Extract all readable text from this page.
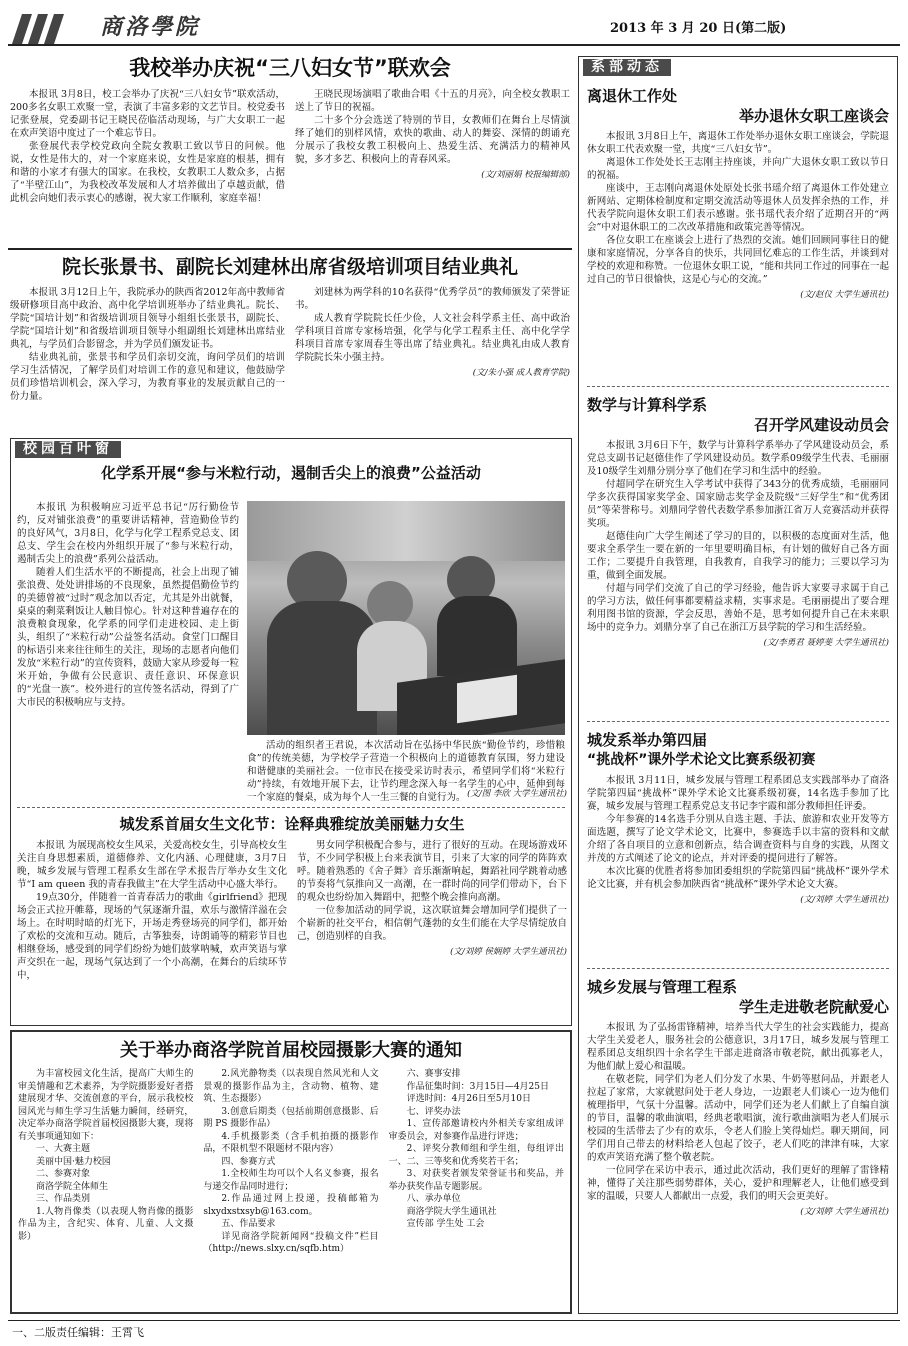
商洛學院	2013 年 3 月 20 日(第二版)
我校举办庆祝“三八妇女节”联欢会

本报讯 3月8日，校工会举办了庆祝“三八妇女节”联欢活动，200多名女职工欢聚一堂，表演了丰富多彩的文艺节目。校党委书记张登展，党委副书记王晓民莅临活动现场，与广大女职工一起在欢声笑语中度过了一个难忘节日。

张登展代表学校党政向全院女教职工致以节日的问候。他说，女性是伟大的，对一个家庭来说，女性是家庭的根基，拥有和谐的小家才有强大的国家。在我校，女教职工人数众多，占据了“半壁江山”，为我校改革发展和人才培养做出了卓越贡献，借此机会向她们表示衷心的感谢，祝大家工作顺利，家庭幸福！

王晓民现场演唱了歌曲合唱《十五的月亮》，向全校女教职工送上了节日的祝福。

二十多个分会选送了特别的节目，女教师们在舞台上尽情演绎了她们的别样风情，欢快的歌曲、动人的舞姿、深情的朗诵充分展示了我校女教工积极向上、热爱生活、充满活力的精神风貌，多才多艺、积极向上的青春风采。

(文/刘丽娟 校报编辑部)
院长张景书、副院长刘建林出席省级培训项目结业典礼

本报讯 3月12日上午，我院承办的陕西省2012年高中教师省级研修项目高中政治、高中化学培训班举办了结业典礼。院长、学院“国培计划”和省级培训项目领导小组组长张景书，副院长、学院“国培计划”和省级培训项目领导小组副组长刘建林出席结业典礼，与学员们合影留念，并为学员们颁发证书。

结业典礼前，张景书和学员们亲切交流，询问学员们的培训学习生活情况，了解学员们对培训工作的意见和建议，他鼓励学员们珍惜培训机会，深入学习，为教育事业的发展贡献自己的一份力量。

刘建林为两学科的10名获得“优秀学员”的教师颁发了荣誉证书。

成人教育学院院长任少俭，人文社会科学系主任、高中政治学科项目首席专家杨培强，化学与化学工程系主任、高中化学学科项目首席专家周春生等出席了结业典礼。结业典礼由成人教育学院院长朱小强主持。

(文/朱小强 成人教育学院)
校园百叶窗
化学系开展“参与米粒行动，遏制舌尖上的浪费”公益活动

本报讯 为积极响应习近平总书记“厉行勤俭节约，反对铺张浪费”的重要讲话精神，营造勤俭节约的良好风气，3月8日，化学与化学工程系党总支、团总支、学生会在校内外组织开展了“参与米粒行动，遏制舌尖上的浪费”系列公益活动。

随着人们生活水平的不断提高，社会上出现了铺张浪费、处处讲排场的不良现象，虽然提倡勤俭节约的美德曾被“过时”观念加以否定，尤其是外出就餐，桌桌的剩菜剩饭让人触目惊心。针对这种普遍存在的浪费粮食现象，化学系的同学们走进校园、走上街头，组织了“米粒行动”公益签名活动。食堂门口醒目的标语引来来往往师生的关注，现场的志愿者向他们发放“米粒行动”的宣传资料，鼓励大家从珍爱每一粒米开始，争做有公民意识、责任意识、环保意识的“光盘一族”。校外进行的宣传签名活动，得到了广大市民的积极响应与支持。

活动的组织者王君说，本次活动旨在弘扬中华民族“勤俭节约，珍惜粮食”的传统美德，为学校学子营造一个积极向上的道德教育氛围，努力建设和谐健康的美丽社会。一位市民在接受采访时表示，希望同学们将“米粒行动”持续，有效地开展下去，让节约理念深入每一名学生的心中，延伸到每一个家庭的餐桌，成为每个人一生三餐的自觉行为。 (文/图 李欣 大学生通讯社)
城发系首届女生文化节：诠释典雅绽放美丽魅力女生

本报讯 为展现高校女生风采，关爱高校女生，引导高校女生关注自身思想素质，道德修养、文化内涵、心理健康，3月7日晚，城乡发展与管理工程系女生部在学术报告厅举办女生文化节“I am queen 我的青春我做主”在大学生活动中心盛大举行。

19点30分，伴随着一首青春活力的歌曲《girlfriend》把现场会正式拉开帷幕，现场的气氛逐渐升温，欢乐与激情洋溢在会场上。在时明时暗的灯光下，开场走秀登场亮的同学们，都开始了欢松的交流和互动。随后，古筝独奏，诗朗诵等的精彩节目也相继登场，感受到的同学们纷纷为她们鼓掌呐喊，欢声笑语与掌声交织在一起，现场气氛达到了一个小高潮，在舞台的后续环节中，

男女同学积极配合参与，进行了很好的互动。在现场游戏环节，不少同学积极上台来表演节目，引来了大家的同学的阵阵欢呼。随着熟悉的《舍子舞》音乐渐渐响起，舞蹈社同学跳着动感的节奏将气氛推向又一高潮，在一群时尚的同学们带动下，台下的观众也纷纷加入舞蹈中，把整个晚会推向高潮。

一位参加活动的同学说，这次联谊舞会增加同学们提供了一个崭新的社交平台，相信朝气蓬勃的女生们能在大学尽情绽放自己，创造别样的自我。

(文/刘婷 侯娴婷 大学生通讯社)
关于举办商洛学院首届校园摄影大赛的通知

为丰富校园文化生活，提高广大师生的审美情趣和艺术素养，为学院摄影爱好者搭建展现才华、交流创意的平台，展示我校校园风光与师生学习生活魅力瞬间，经研究，决定举办商洛学院首届校园摄影大赛，现将有关事项通知如下：

一、大赛主题

美丽中国·魅力校园

二、参赛对象

商洛学院全体师生

三、作品类别

1.人物肖像类（以表现人物肖像的摄影作品为主，含纪实、体育、儿童、人文摄影）

2.风光静物类（以表现自然风光和人文景观的摄影作品为主，含动物、植物、建筑、生态摄影）

3.创意后期类（包括前期创意摄影、后期 PS 摄影作品）

4.手机摄影类（含手机拍摄的摄影作品，不限机型不限题材不限内容）

四、参赛方式

1.全校师生均可以个人名义参赛，报名与递交作品同时进行；

2.作品通过网上投递，投稿邮箱为 slxydxstxsyb@163.com。

五、作品要求

详见商洛学院新闻网“投稿文件”栏目（http://news.slxy.cn/sqfb.htm）

六、赛事安排

作品征集时间：3月15日—4月25日

评选时间：4月26日至5月10日

七、评奖办法

1、宣传部邀请校内外相关专家组成评审委员会，对参赛作品进行评选；

2、评奖分教师组和学生组，每组评出一、二、三等奖和优秀奖若干名；

3、对获奖者颁发荣誉证书和奖品，并举办获奖作品专题影展。

八、承办单位

商洛学院大学生通讯社

宣传部 学生处 工会

系部动态
离退休工作处
举办退休女职工座谈会

本报讯 3月8日上午，离退休工作处举办退休女职工座谈会，学院退休女职工代表欢聚一堂，共度“三八妇女节”。

离退休工作处处长王志刚主持座谈，并向广大退休女职工致以节日的祝福。

座谈中，王志刚向离退休处原处长张书瑶介绍了离退休工作处建立新网站、定期体检制度和定期交流活动等退休人员发挥余热的工作，并代表学院向退休女职工们表示感谢。张书瑶代表介绍了近期召开的“两会”中对退休职工的二次改革措施和政策完善等情况。

各位女职工在座谈会上进行了热烈的交流。她们回顾同事往日的健康和家庭情况，分享各自的快乐，共同回忆难忘的工作生活，并谈到对学校的欢迎和称赞。一位退休女职工说，“能和共同工作过的同事在一起过自己的节日很愉快，这是心与心的交流。”

(文/赵仪 大学生通讯社)
数学与计算科学系
召开学风建设动员会

本报讯 3月6日下午，数学与计算科学系举办了学风建设动员会，系党总支副书记赵德佳作了学风建设动员。数学系09级学生代表、毛丽丽及10级学生刘鼎分别分享了他们在学习和生活中的经验。

付超同学在研究生入学考试中获得了343分的优秀成绩，毛丽丽同学多次获得国家奖学金、国家励志奖学金及院级“三好学生”和“优秀团员”等荣誉称号。刘鼎同学曾代表数学系参加浙江省万人竞赛活动并获得奖项。

赵德佳向广大学生阐述了学习的目的，以积极的态度面对生活，他要求全系学生一要在新的一年里要明确目标，有计划的做好自己各方面工作；二要提升自我管理，自我教育，自我学习的能力；三要以学习为重，做到全面发展。

付超与同学们交流了自己的学习经验，他告诉大家要寻求属于自己的学习方法，做任何事都要精益求精，实事求是。毛丽丽提出了要合理利用图书馆的资源，学会反思，善始不是，思考如何提升自己在未来职场中的竞争力。刘鼎分享了自己在浙江万县学院的学习和生活经验。

(文/李勇君 聂婷斐 大学生通讯社)
城发系举办第四届
“挑战杯”课外学术论文比赛系级初赛

本报讯 3月11日，城乡发展与管理工程系团总支实践部举办了商洛学院第四届“挑战杯”课外学术论文比赛系级初赛，14名选手参加了比赛，城乡发展与管理工程系党总支书记李宇霞和部分教师担任评委。

今年参赛的14名选手分别从自选主题、手法、旅游和农业开发等方面选题，撰写了论文学术论文，比赛中，参赛选手以丰富的资料和文献介绍了各自项目的立意和创新点，结合调查资料与自身的实践，从图文并茂的方式阐述了论文的论点，并对评委的提问进行了解答。

本次比赛的优胜者将参加团委组织的学院第四届“挑战杯”课外学术论文比赛，并有机会参加陕西省“挑战杯”课外学术论文大赛。

(文/刘婷 大学生通讯社)
城乡发展与管理工程系
学生走进敬老院献爱心

本报讯 为了弘扬雷锋精神，培养当代大学生的社会实践能力，提高大学生关爱老人，服务社会的公德意识，3月17日，城乡发展与管理工程系团总支组织四十余名学生干部走进商洛市敬老院，献出孤寡老人，为他们献上爱心和温暖。

在敬老院，同学们为老人们分发了水果、牛奶等慰问品，并跟老人拉起了家常，大家就慰问处于老人身边，一边跟老人们谈心一边为他们梳理指甲，气氛十分温馨。活动中，同学们还为老人们献上了自编自演的节目，温馨的歌曲演唱，经典老歌唱演，流行歌曲演唱为老人们展示校园的生活带去了少有的欢乐，令老人们脸上笑得灿烂。聊天期间，同学们用自己带去的材料给老人包起了饺子，老人们吃的津津有味，大家的欢声笑语充满了整个敬老院。

一位同学在采访中表示，通过此次活动，我们更好的理解了雷锋精神，懂得了关注那些弱势群体，关心，爱护和理解老人，让他们感受到家的温暖，只要人人都献出一点爱，我们的明天会更美好。

(文/刘婷 大学生通讯社)
一、二版责任编辑：王霄飞
